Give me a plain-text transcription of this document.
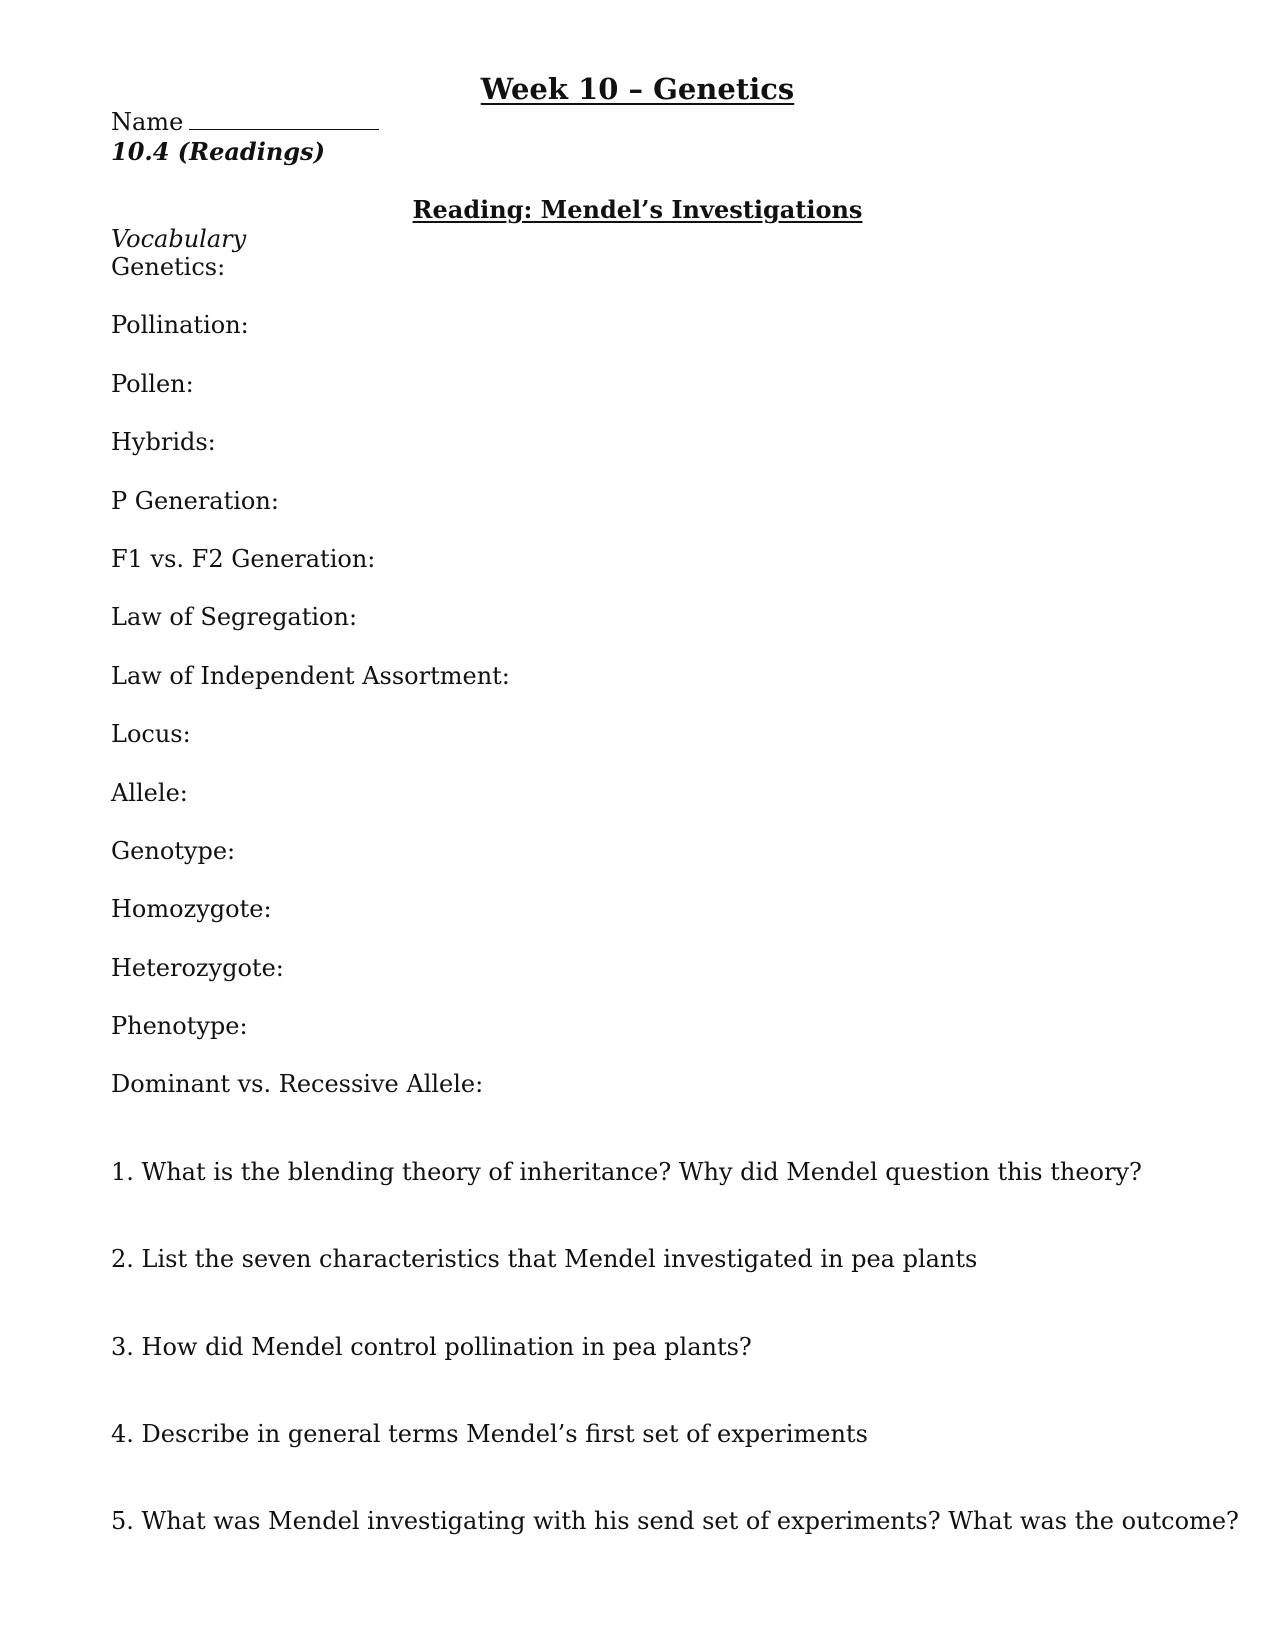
Week 10 – Genetics
Name
10.4 (Readings)
Reading: Mendel’s Investigations
Vocabulary
Genetics:
Pollination:
Pollen:
Hybrids:
P Generation:
F1 vs. F2 Generation:
Law of Segregation:
Law of Independent Assortment:
Locus:
Allele:
Genotype:
Homozygote:
Heterozygote:
Phenotype:
Dominant vs. Recessive Allele:
1. What is the blending theory of inheritance? Why did Mendel question this theory?
2. List the seven characteristics that Mendel investigated in pea plants
3. How did Mendel control pollination in pea plants?
4. Describe in general terms Mendel’s first set of experiments
5. What was Mendel investigating with his send set of experiments? What was the outcome?
